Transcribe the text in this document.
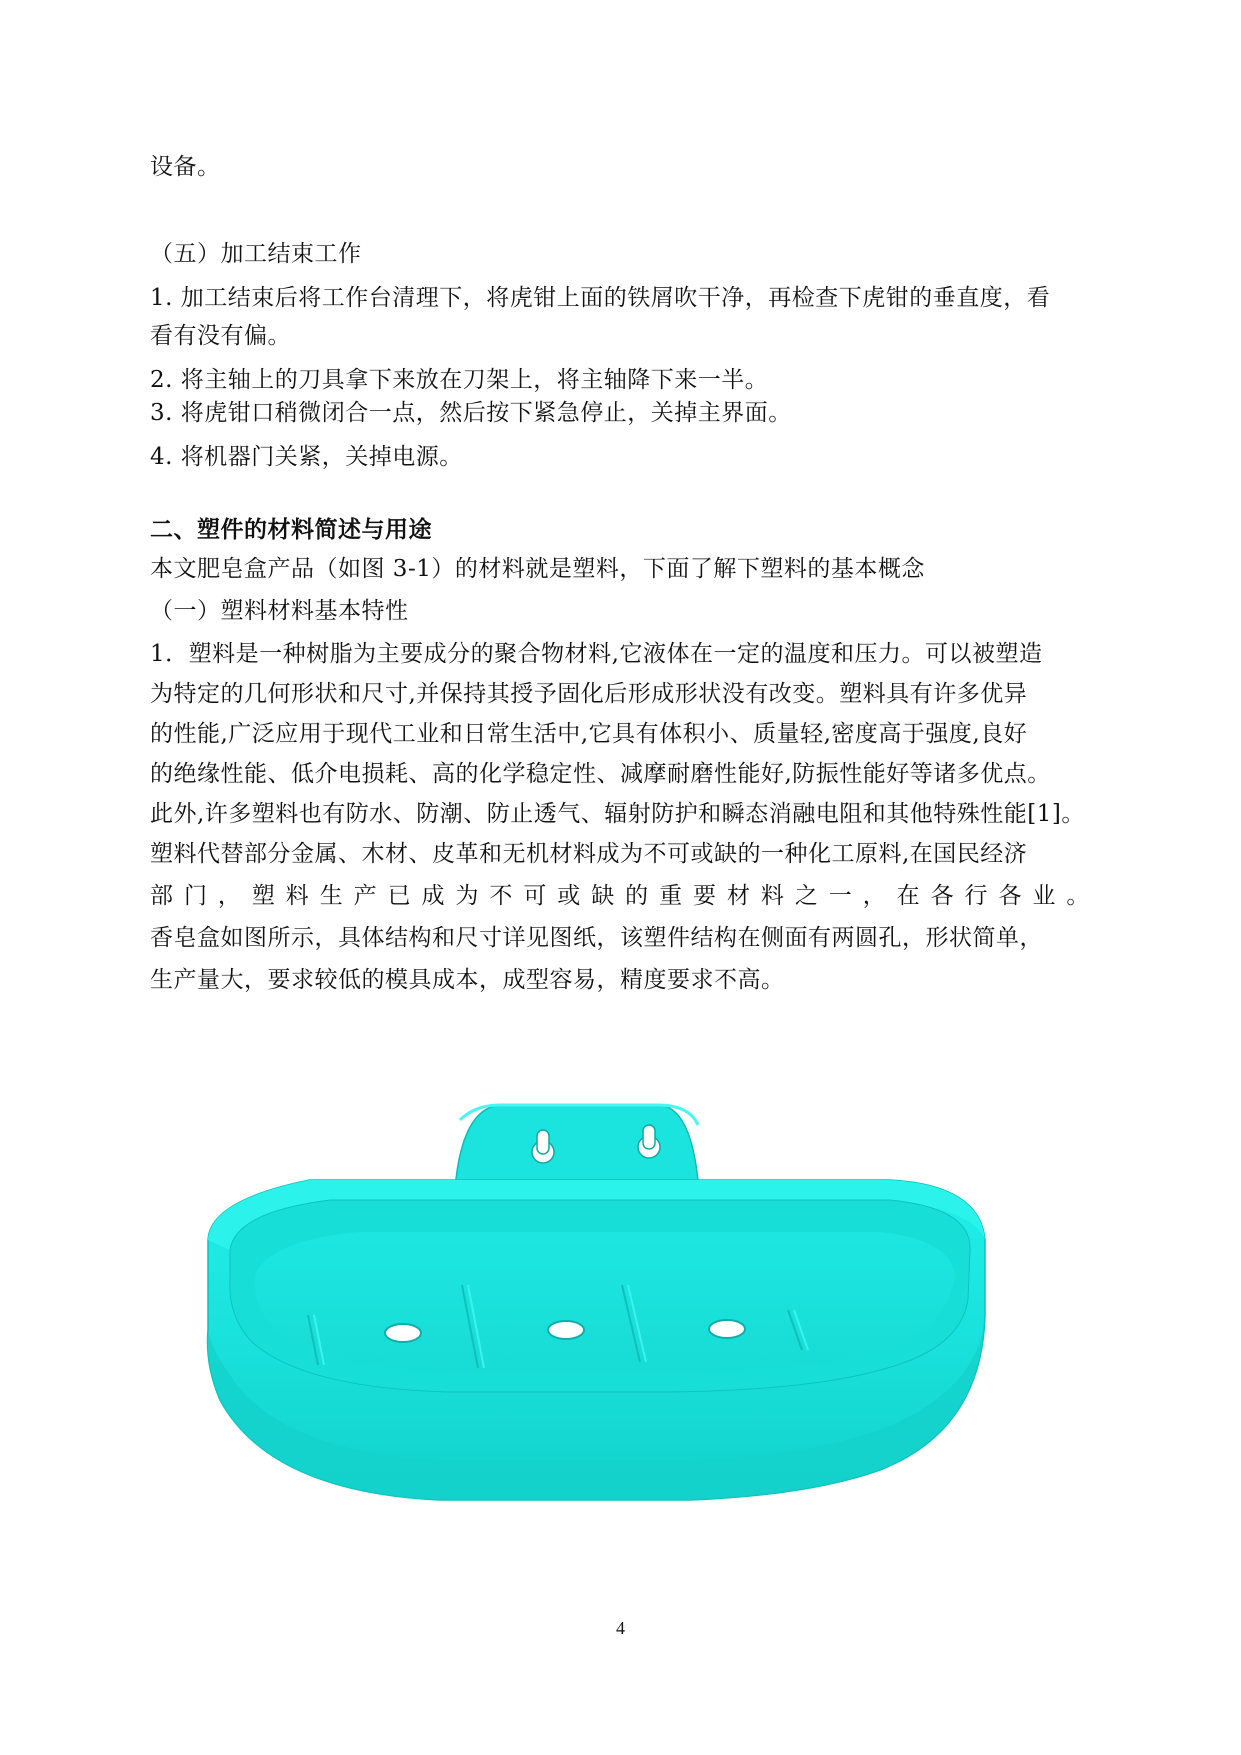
设备。
（五）加工结束工作
1. 加工结束后将工作台清理下，将虎钳上面的铁屑吹干净，再检查下虎钳的垂直度，看
看有没有偏。
2. 将主轴上的刀具拿下来放在刀架上，将主轴降下来一半。
3. 将虎钳口稍微闭合一点，然后按下紧急停止，关掉主界面。
4. 将机器门关紧，关掉电源。
二、塑件的材料简述与用途
本文肥皂盒产品（如图 3-1）的材料就是塑料，下面了解下塑料的基本概念
（一）塑料材料基本特性
1．塑料是一种树脂为主要成分的聚合物材料,它液体在一定的温度和压力。可以被塑造
为特定的几何形状和尺寸,并保持其授予固化后形成形状没有改变。塑料具有许多优异
的性能,广泛应用于现代工业和日常生活中,它具有体积小、质量轻,密度高于强度,良好
的绝缘性能、低介电损耗、高的化学稳定性、减摩耐磨性能好,防振性能好等诸多优点。
此外,许多塑料也有防水、防潮、防止透气、辐射防护和瞬态消融电阻和其他特殊性能[1]。
塑料代替部分金属、木材、皮革和无机材料成为不可或缺的一种化工原料,在国民经济
部 门 ， 塑 料 生 产 已 成 为 不 可 或 缺 的 重 要 材 料 之 一 ， 在 各 行 各 业 。
香皂盒如图所示，具体结构和尺寸详见图纸，该塑件结构在侧面有两圆孔，形状简单，
生产量大，要求较低的模具成本，成型容易，精度要求不高。
4
